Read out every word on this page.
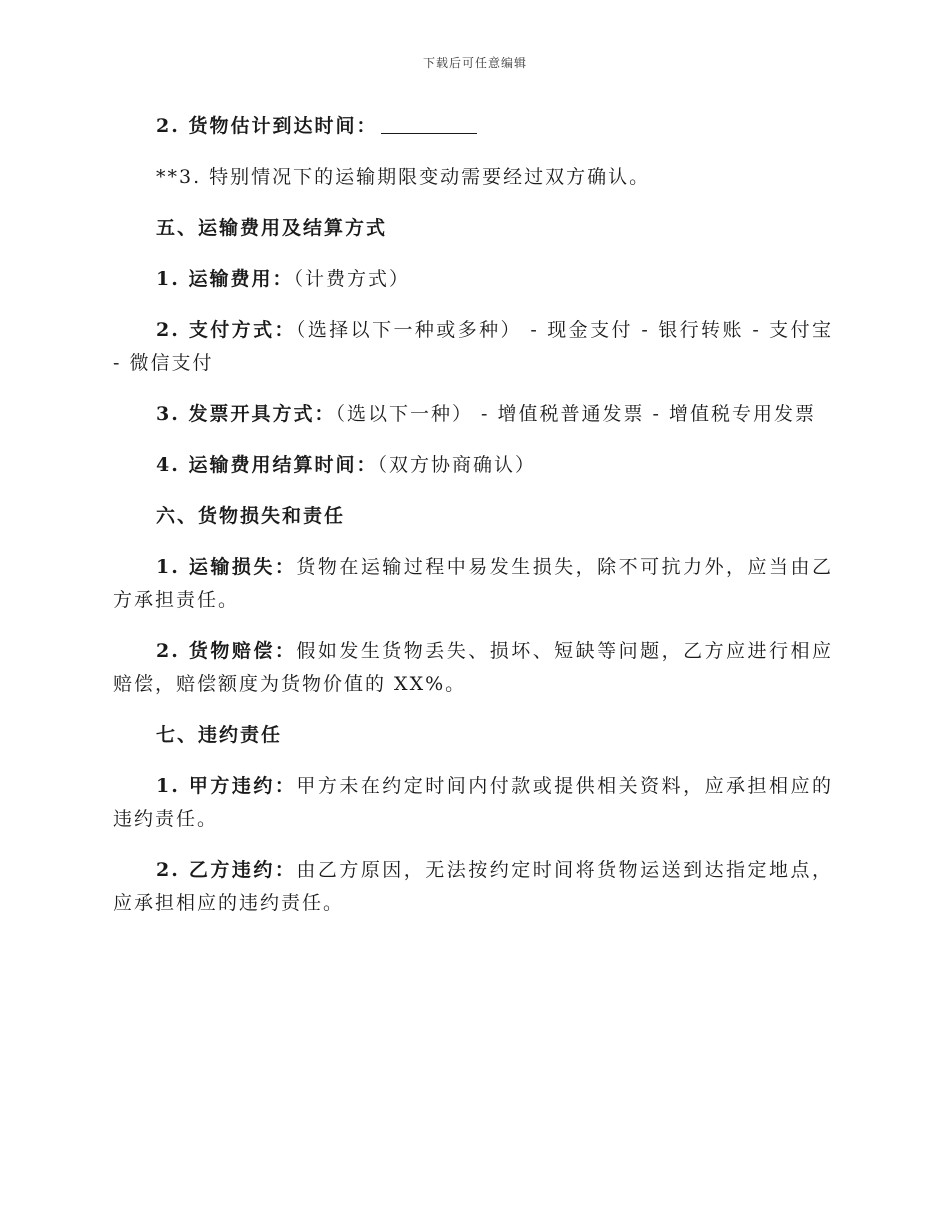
下载后可任意编辑

2. 货物估计到达时间：

**3. 特别情况下的运输期限变动需要经过双方确认。

五、运输费用及结算方式

1. 运输费用：（计费方式）

2. 支付方式：（选择以下一种或多种） - 现金支付 - 银行转账 - 支付宝 - 微信支付

3. 发票开具方式：（选以下一种） - 增值税普通发票 - 增值税专用发票

4. 运输费用结算时间：（双方协商确认）

六、货物损失和责任

1. 运输损失：货物在运输过程中易发生损失，除不可抗力外，应当由乙方承担责任。

2. 货物赔偿：假如发生货物丢失、损坏、短缺等问题，乙方应进行相应赔偿，赔偿额度为货物价值的 XX%。

七、违约责任

1. 甲方违约：甲方未在约定时间内付款或提供相关资料，应承担相应的违约责任。

2. 乙方违约：由乙方原因，无法按约定时间将货物运送到达指定地点，应承担相应的违约责任。
